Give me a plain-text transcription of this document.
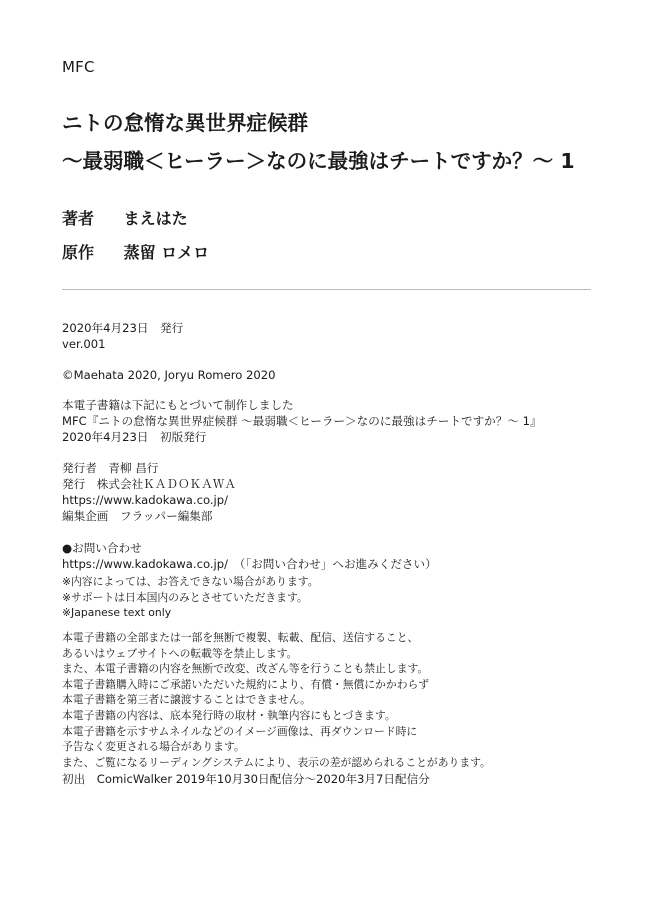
MFC
ニトの怠惰な異世界症候群
〜最弱職＜ヒーラー＞なのに最強はチートですか？〜 1
著者 まえはた
原作 蒸留 ロメロ
2020年4月23日　発行
ver.001
©Maehata 2020, Joryu Romero 2020
本電子書籍は下記にもとづいて制作しました
MFC『ニトの怠惰な異世界症候群 〜最弱職＜ヒーラー＞なのに最強はチートですか？〜 1』
2020年4月23日　初版発行
発行者　青柳 昌行
発行　株式会社ＫＡＤＯＫＡＷＡ
https://www.kadokawa.co.jp/
編集企画　フラッパー編集部
●お問い合わせ
https://www.kadokawa.co.jp/　（「お問い合わせ」へお進みください）
※内容によっては、お答えできない場合があります。
※サポートは日本国内のみとさせていただきます。
※Japanese text only
本電子書籍の全部または一部を無断で複製、転載、配信、送信すること、
あるいはウェブサイトへの転載等を禁止します。
また、本電子書籍の内容を無断で改変、改ざん等を行うことも禁止します。
本電子書籍購入時にご承諾いただいた規約により、有償・無償にかかわらず
本電子書籍を第三者に譲渡することはできません。
本電子書籍の内容は、底本発行時の取材・執筆内容にもとづきます。
本電子書籍を示すサムネイルなどのイメージ画像は、再ダウンロード時に
予告なく変更される場合があります。
また、ご覧になるリーディングシステムにより、表示の差が認められることがあります。
初出　ComicWalker 2019年10月30日配信分〜2020年3月7日配信分
